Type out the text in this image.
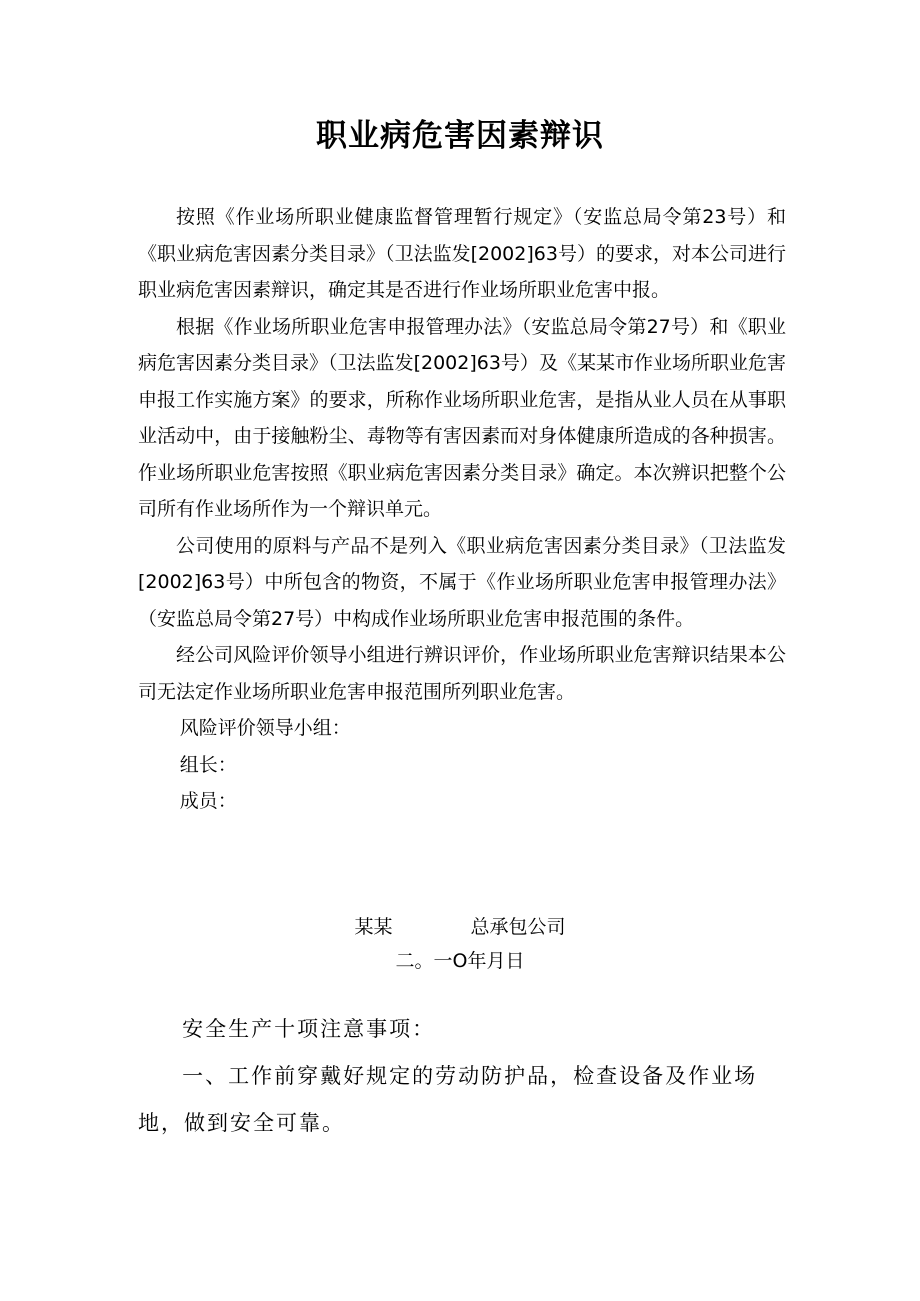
职业病危害因素辩识

按照《作业场所职业健康监督管理暂行规定》（安监总局令第23号）和《职业病危害因素分类目录》（卫法监发[2002]63号）的要求，对本公司进行职业病危害因素辩识，确定其是否进行作业场所职业危害中报。

根据《作业场所职业危害申报管理办法》（安监总局令第27号）和《职业病危害因素分类目录》（卫法监发[2002]63号）及《某某市作业场所职业危害申报工作实施方案》的要求，所称作业场所职业危害，是指从业人员在从事职业活动中，由于接触粉尘、毒物等有害因素而对身体健康所造成的各种损害。作业场所职业危害按照《职业病危害因素分类目录》确定。本次辨识把整个公司所有作业场所作为一个辩识单元。

公司使用的原料与产品不是列入《职业病危害因素分类目录》（卫法监发[2002]63号）中所包含的物资，不属于《作业场所职业危害申报管理办法》（安监总局令第27号）中构成作业场所职业危害申报范围的条件。

经公司风险评价领导小组进行辨识评价，作业场所职业危害辩识结果本公司无法定作业场所职业危害申报范围所列职业危害。

风险评价领导小组：

组长：

成员：

某某	总承包公司
二。一O年月日

安全生产十项注意事项：

一、工作前穿戴好规定的劳动防护品，检查设备及作业场地，做到安全可靠。
